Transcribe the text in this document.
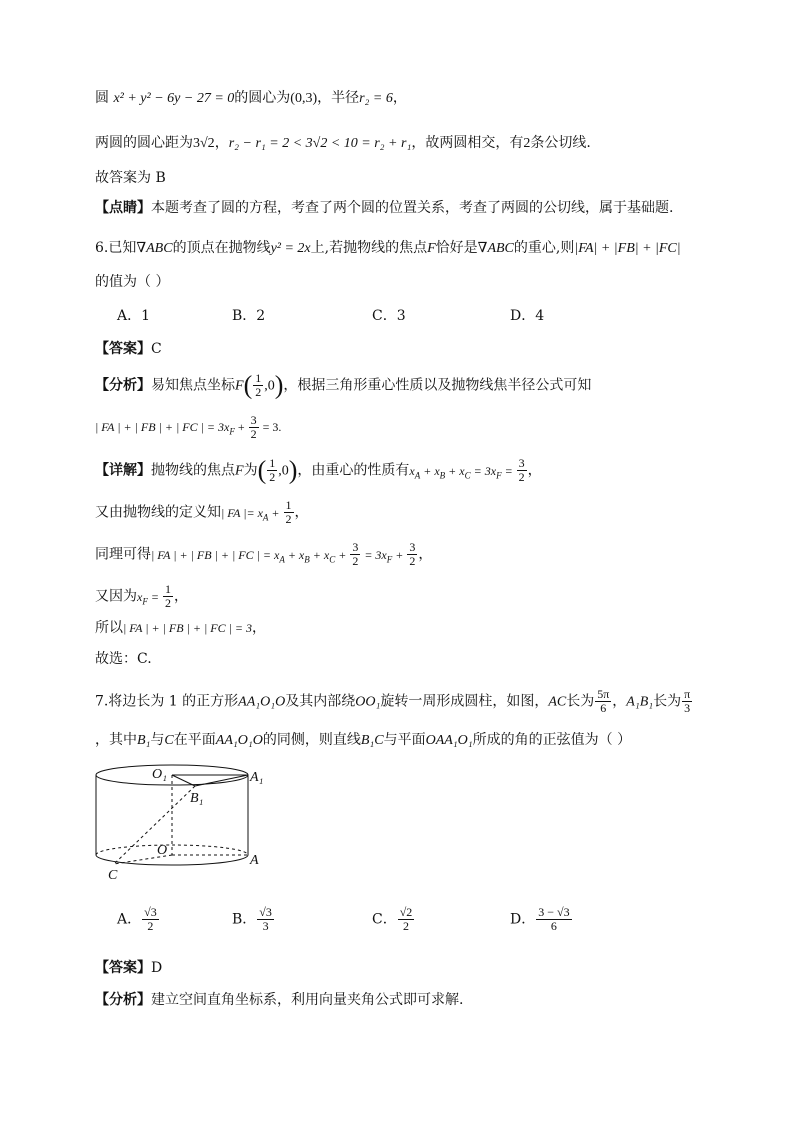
圆 x² + y² − 6y − 27 = 0的圆心为(0,3)，半径r₂ = 6，
两圆的圆心距为3√2，r₂ − r₁ = 2 < 3√2 < 10 = r₂ + r₁，故两圆相交，有2条公切线.
故答案为 B
【点睛】本题考查了圆的方程，考查了两个圆的位置关系，考查了两圆的公切线，属于基础题.
6.已知∇ABC的顶点在抛物线y² = 2x上,若抛物线的焦点F恰好是∇ABC的重心,则|FA| + |FB| + |FC|
的值为（ ）
A．1	B．2	C．3	D．4
【答案】C
【分析】易知焦点坐标$F( \frac{1}{2} ,0)$，根据三角形重心性质以及抛物线焦半径公式可知
| FA | + | FB | + | FC | = $3x_F + \frac{3}{2} = 3$.
【详解】抛物线的焦点F为( $\frac{1}{2} ,0$)，由重心的性质有$x_A + x_B + x_C = 3x_F = \frac{3}{2}$ ，
又由抛物线的定义知| FA |= $x_A + \frac{1}{2}$ ，
同理可得| FA | + | FB | + | FC | = $x_A + x_B + x_C + \frac{3}{2} = 3x_F + \frac{3}{2}$ ，
又因为$x_F = \frac{1}{2}$ ，
所以| FA | + | FB | + | FC | = 3，
故选：C.
7.将边长为 1 的正方形AA₁O₁O及其内部绕OO₁旋转一周形成圆柱，如图，AC长为 $\frac{5\pi}{6}$ ，A₁B₁长为 $\frac{\pi}{3}$
，其中B₁与C在平面AA₁O₁O的同侧，则直线B₁C与平面OAA₁O₁所成的角的正弦值为（ ）
O₁	A₁
B₁
O
A
C
A． $\frac{√3}{2}$	B． $\frac{√3}{3}$	C． $\frac{√2}{2}$	D． $\frac{3 - √3}{6}$
【答案】D
【分析】建立空间直角坐标系，利用向量夹角公式即可求解.
